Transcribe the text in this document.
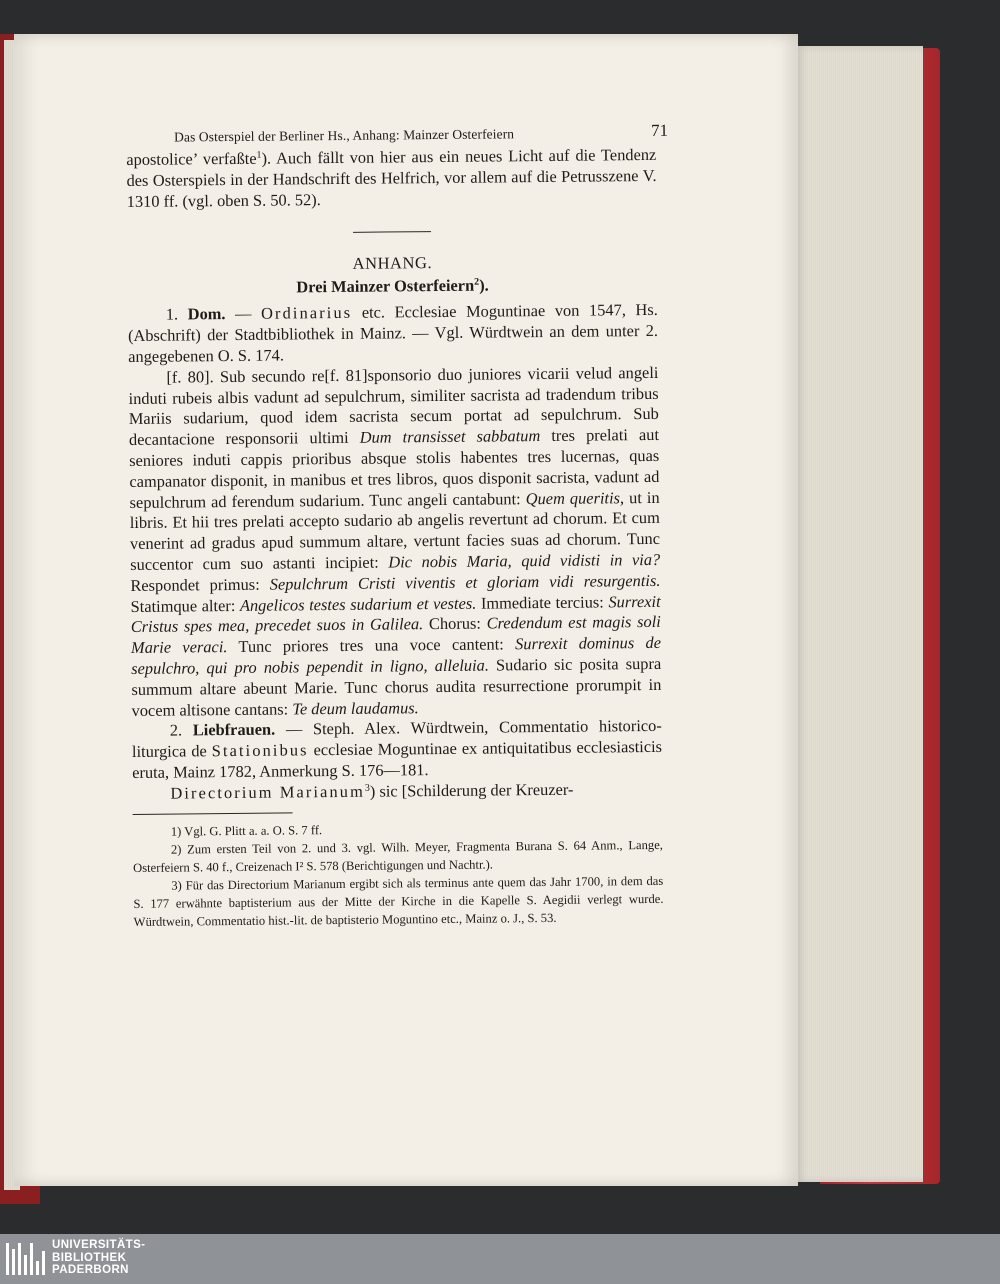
Das Osterspiel der Berliner Hs., Anhang: Mainzer Osterfeiern	71

apostolice’ verfaßte$^1$). Auch fällt von hier aus ein neues Licht auf die Tendenz des Osterspiels in der Handschrift des Helfrich, vor allem auf die Petrusszene V. 1310 ff. (vgl. oben S. 50. 52).

ANHANG.
Drei Mainzer Osterfeiern$^2$).

1. Dom. — Ordinarius etc. Ecclesiae Moguntinae von 1547, Hs. (Abschrift) der Stadtbibliothek in Mainz. — Vgl. Würdtwein an dem unter 2. angegebenen O. S. 174.

[f. 80]. Sub secundo re[f. 81]sponsorio duo juniores vicarii velud angeli induti rubeis albis vadunt ad sepulchrum, similiter sacrista ad tradendum tribus Mariis sudarium, quod idem sacrista secum portat ad sepulchrum. Sub decantacione responsorii ultimi Dum transisset sabbatum tres prelati aut seniores induti cappis prioribus absque stolis habentes tres lucernas, quas campanator disponit, in manibus et tres libros, quos disponit sacrista, vadunt ad sepulchrum ad ferendum sudarium. Tunc angeli cantabunt: Quem queritis, ut in libris. Et hii tres prelati accepto sudario ab angelis revertunt ad chorum. Et cum venerint ad gradus apud summum altare, vertunt facies suas ad chorum. Tunc succentor cum suo astanti incipiet: Dic nobis Maria, quid vidisti in via? Respondet primus: Sepulchrum Cristi viventis et gloriam vidi resurgentis. Statimque alter: Angelicos testes sudarium et vestes. Immediate tercius: Surrexit Cristus spes mea, precedet suos in Galilea. Chorus: Credendum est magis soli Marie veraci. Tunc priores tres una voce cantent: Surrexit dominus de sepulchro, qui pro nobis pependit in ligno, alleluia. Sudario sic posita supra summum altare abeunt Marie. Tunc chorus audita resurrectione prorumpit in vocem altisone cantans: Te deum laudamus.

2. Liebfrauen. — Steph. Alex. Würdtwein, Commentatio historico-liturgica de Stationibus ecclesiae Moguntinae ex antiquitatibus ecclesiasticis eruta, Mainz 1782, Anmerkung S. 176—181.

Directorium Marianum$^3$) sic [Schilderung der Kreuzer-

1) Vgl. G. Plitt a. a. O. S. 7 ff.

2) Zum ersten Teil von 2. und 3. vgl. Wilh. Meyer, Fragmenta Burana S. 64 Anm., Lange, Osterfeiern S. 40 f., Creizenach I² S. 578 (Berichtigungen und Nachtr.).

3) Für das Directorium Marianum ergibt sich als terminus ante quem das Jahr 1700, in dem das S. 177 erwähnte baptisterium aus der Mitte der Kirche in die Kapelle S. Aegidii verlegt wurde. Würdtwein, Commentatio hist.-lit. de baptisterio Moguntino etc., Mainz o. J., S. 53.

UNIVERSITÄTS-
BIBLIOTHEK
PADERBORN
